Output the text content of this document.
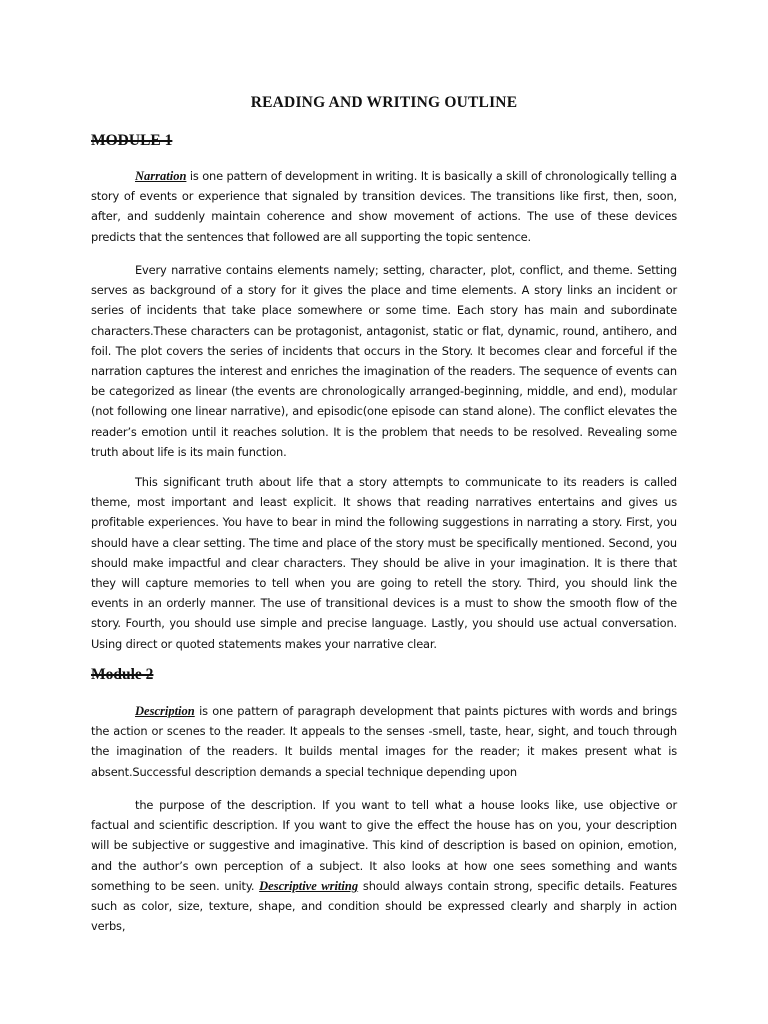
READING AND WRITING OUTLINE
MODULE 1

Narration is one pattern of development in writing. It is basically a skill of chronologically telling a story of events or experience that signaled by transition devices. The transitions like first, then, soon, after, and suddenly maintain coherence and show movement of actions. The use of these devices predicts that the sentences that followed are all supporting the topic sentence.

Every narrative contains elements namely; setting, character, plot, conflict, and theme. Setting serves as background of a story for it gives the place and time elements. A story links an incident or series of incidents that take place somewhere or some time. Each story has main and subordinate characters.These characters can be protagonist, antagonist, static or flat, dynamic, round, antihero, and foil. The plot covers the series of incidents that occurs in the Story. It becomes clear and forceful if the narration captures the interest and enriches the imagination of the readers. The sequence of events can be categorized as linear (the events are chronologically arranged-beginning, middle, and end), modular (not following one linear narrative), and episodic(one episode can stand alone). The conflict elevates the reader’s emotion until it reaches solution. It is the problem that needs to be resolved. Revealing some truth about life is its main function.

This significant truth about life that a story attempts to communicate to its readers is called theme, most important and least explicit. It shows that reading narratives entertains and gives us profitable experiences. You have to bear in mind the following suggestions in narrating a story. First, you should have a clear setting. The time and place of the story must be specifically mentioned. Second, you should make impactful and clear characters. They should be alive in your imagination. It is there that they will capture memories to tell when you are going to retell the story. Third, you should link the events in an orderly manner. The use of transitional devices is a must to show the smooth flow of the story. Fourth, you should use simple and precise language. Lastly, you should use actual conversation. Using direct or quoted statements makes your narrative clear.

Module 2

Description is one pattern of paragraph development that paints pictures with words and brings the action or scenes to the reader. It appeals to the senses -smell, taste, hear, sight, and touch through the imagination of the readers. It builds mental images for the reader; it makes present what is absent.Successful description demands a special technique depending upon

the purpose of the description. If you want to tell what a house looks like, use objective or factual and scientific description. If you want to give the effect the house has on you, your description will be subjective or suggestive and imaginative. This kind of description is based on opinion, emotion, and the author’s own perception of a subject. It also looks at how one sees something and wants something to be seen. unity. Descriptive writing should always contain strong, specific details. Features such as color, size, texture, shape, and condition should be expressed clearly and sharply in action verbs,
